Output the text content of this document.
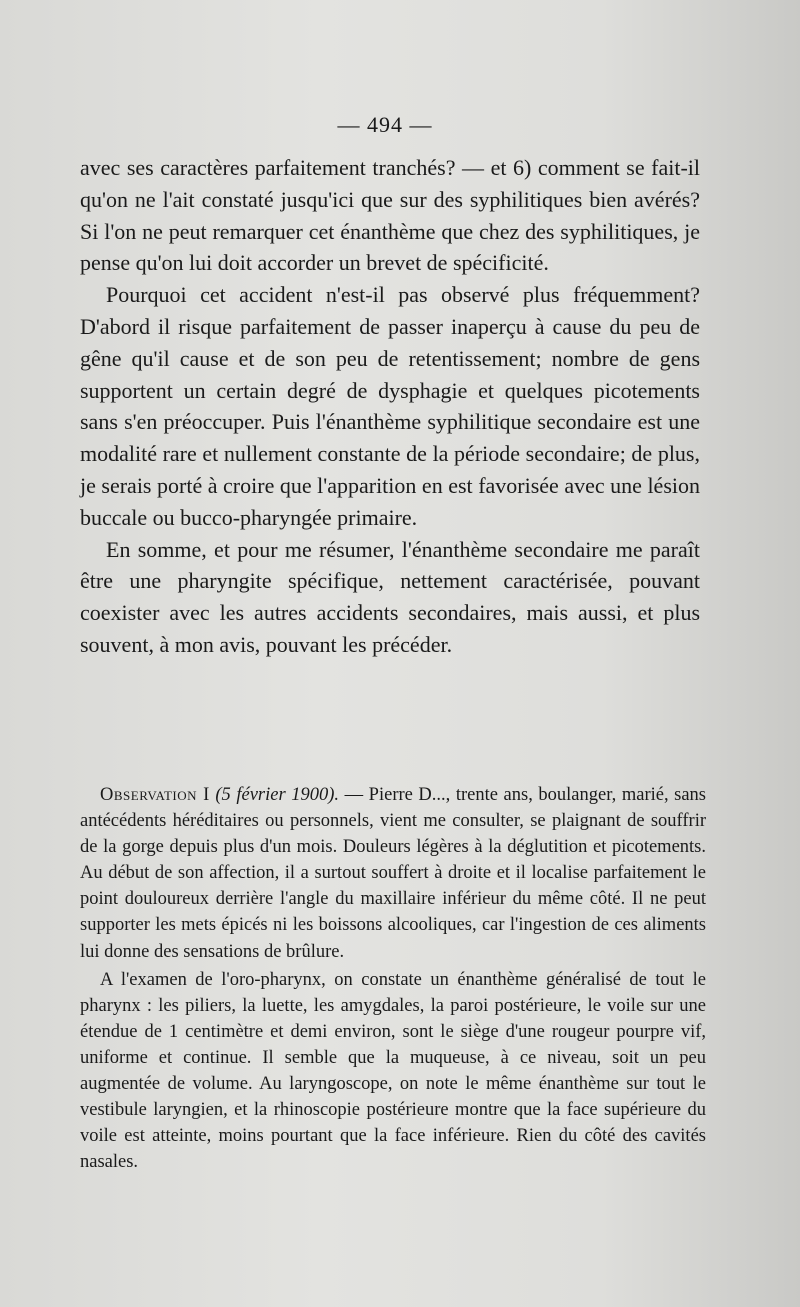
— 494 —

avec ses caractères parfaitement tranchés? — et 6) comment se fait-il qu'on ne l'ait constaté jusqu'ici que sur des syphilitiques bien avérés? Si l'on ne peut remarquer cet énanthème que chez des syphilitiques, je pense qu'on lui doit accorder un brevet de spécificité.

Pourquoi cet accident n'est-il pas observé plus fréquemment? D'abord il risque parfaitement de passer inaperçu à cause du peu de gêne qu'il cause et de son peu de retentissement; nombre de gens supportent un certain degré de dysphagie et quelques picotements sans s'en préoccuper. Puis l'énanthème syphilitique secondaire est une modalité rare et nullement constante de la période secondaire; de plus, je serais porté à croire que l'apparition en est favorisée avec une lésion buccale ou bucco-pharyngée primaire.

En somme, et pour me résumer, l'énanthème secondaire me paraît être une pharyngite spécifique, nettement caractérisée, pouvant coexister avec les autres accidents secondaires, mais aussi, et plus souvent, à mon avis, pouvant les précéder.

Observation I (5 février 1900). — Pierre D..., trente ans, boulanger, marié, sans antécédents héréditaires ou personnels, vient me consulter, se plaignant de souffrir de la gorge depuis plus d'un mois. Douleurs légères à la déglutition et picotements. Au début de son affection, il a surtout souffert à droite et il localise parfaitement le point douloureux derrière l'angle du maxillaire inférieur du même côté. Il ne peut supporter les mets épicés ni les boissons alcooliques, car l'ingestion de ces aliments lui donne des sensations de brûlure.

A l'examen de l'oro-pharynx, on constate un énanthème généralisé de tout le pharynx : les piliers, la luette, les amygdales, la paroi postérieure, le voile sur une étendue de 1 centimètre et demi environ, sont le siège d'une rougeur pourpre vif, uniforme et continue. Il semble que la muqueuse, à ce niveau, soit un peu augmentée de volume. Au laryngoscope, on note le même énanthème sur tout le vestibule laryngien, et la rhinoscopie postérieure montre que la face supérieure du voile est atteinte, moins pourtant que la face inférieure. Rien du côté des cavités nasales.
